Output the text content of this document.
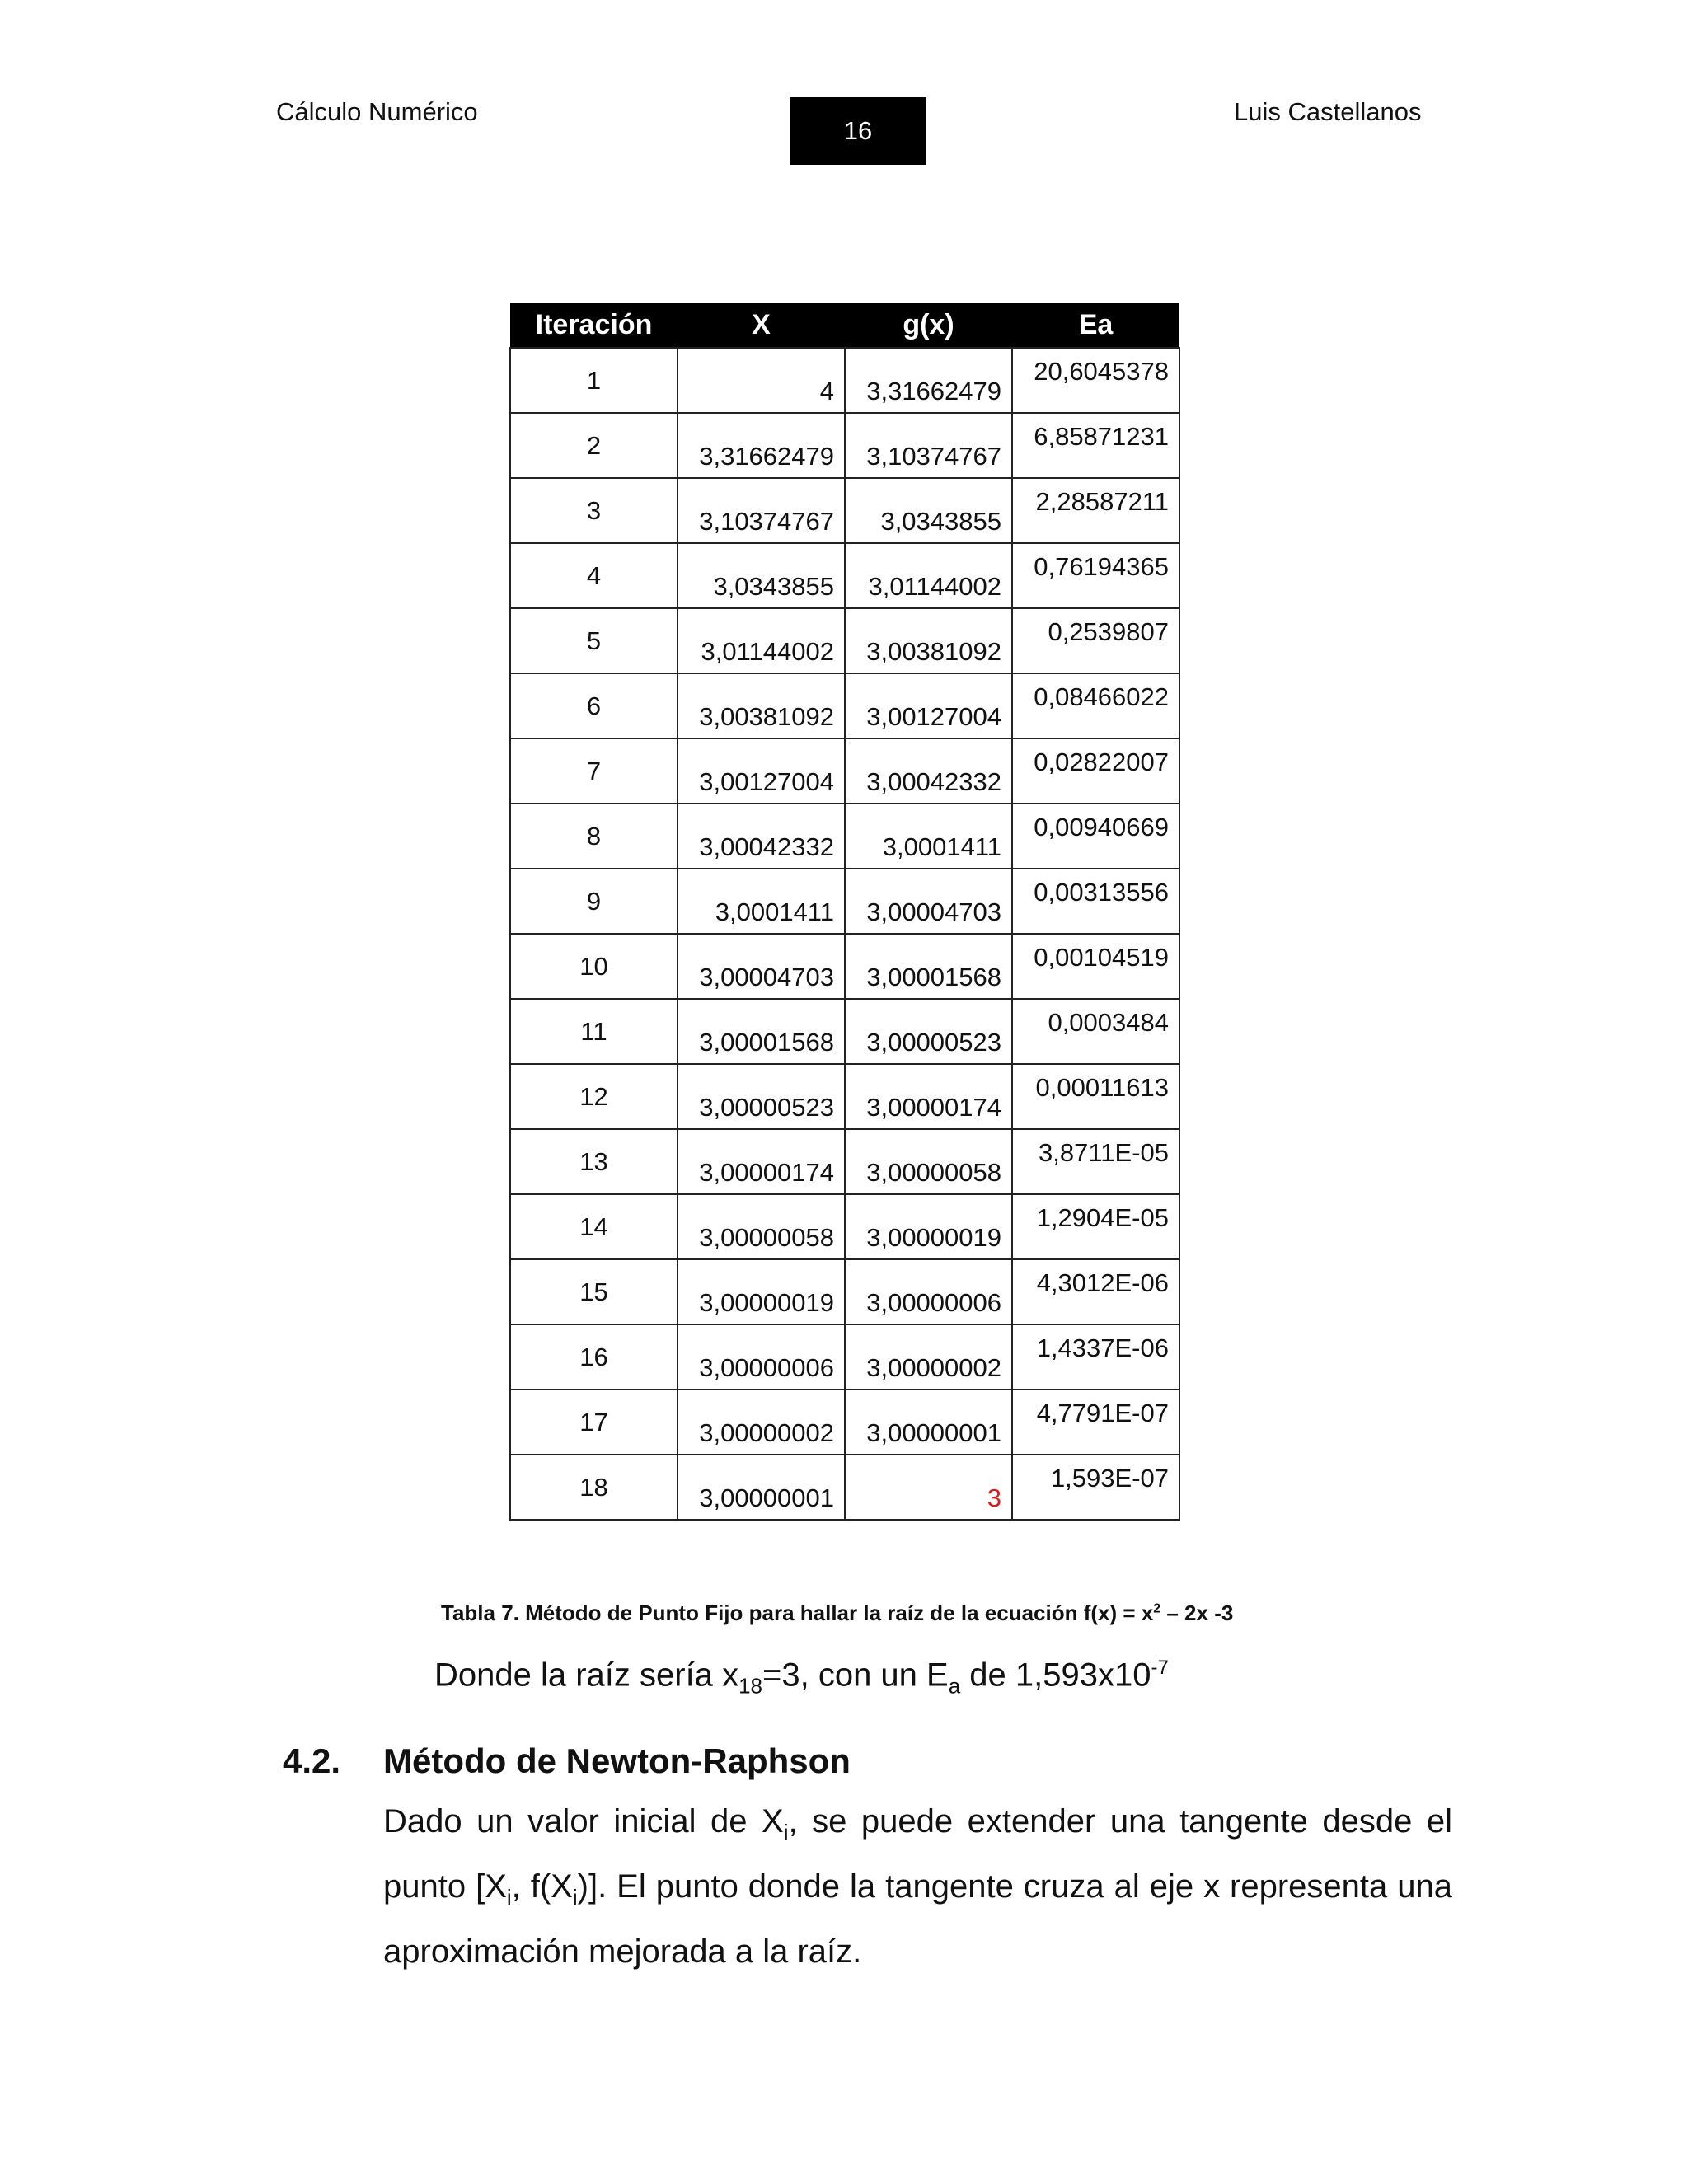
Cálculo Numérico
16
Luis Castellanos
Iteración	X	g(x)	Ea
1	4	3,31662479	20,6045378
2	3,31662479	3,10374767	6,85871231
3	3,10374767	3,0343855	2,28587211
4	3,0343855	3,01144002	0,76194365
5	3,01144002	3,00381092	0,2539807
6	3,00381092	3,00127004	0,08466022
7	3,00127004	3,00042332	0,02822007
8	3,00042332	3,0001411	0,00940669
9	3,0001411	3,00004703	0,00313556
10	3,00004703	3,00001568	0,00104519
11	3,00001568	3,00000523	0,0003484
12	3,00000523	3,00000174	0,00011613
13	3,00000174	3,00000058	3,8711E-05
14	3,00000058	3,00000019	1,2904E-05
15	3,00000019	3,00000006	4,3012E-06
16	3,00000006	3,00000002	1,4337E-06
17	3,00000002	3,00000001	4,7791E-07
18	3,00000001	3	1,593E-07
Tabla 7. Método de Punto Fijo para hallar la raíz de la ecuación $f(x) = x^2 - 2x$ -3
Donde la raíz sería $x_{18}=3$, con un $E_a$ de $1,593x10^{-7}$
4.2. Método de Newton-Raphson
Dado un valor inicial de $X_i$, se puede extender una tangente desde el punto [$X_i$, $f(X_i)$]. El punto donde la tangente cruza al eje x representa una aproximación mejorada a la raíz.
